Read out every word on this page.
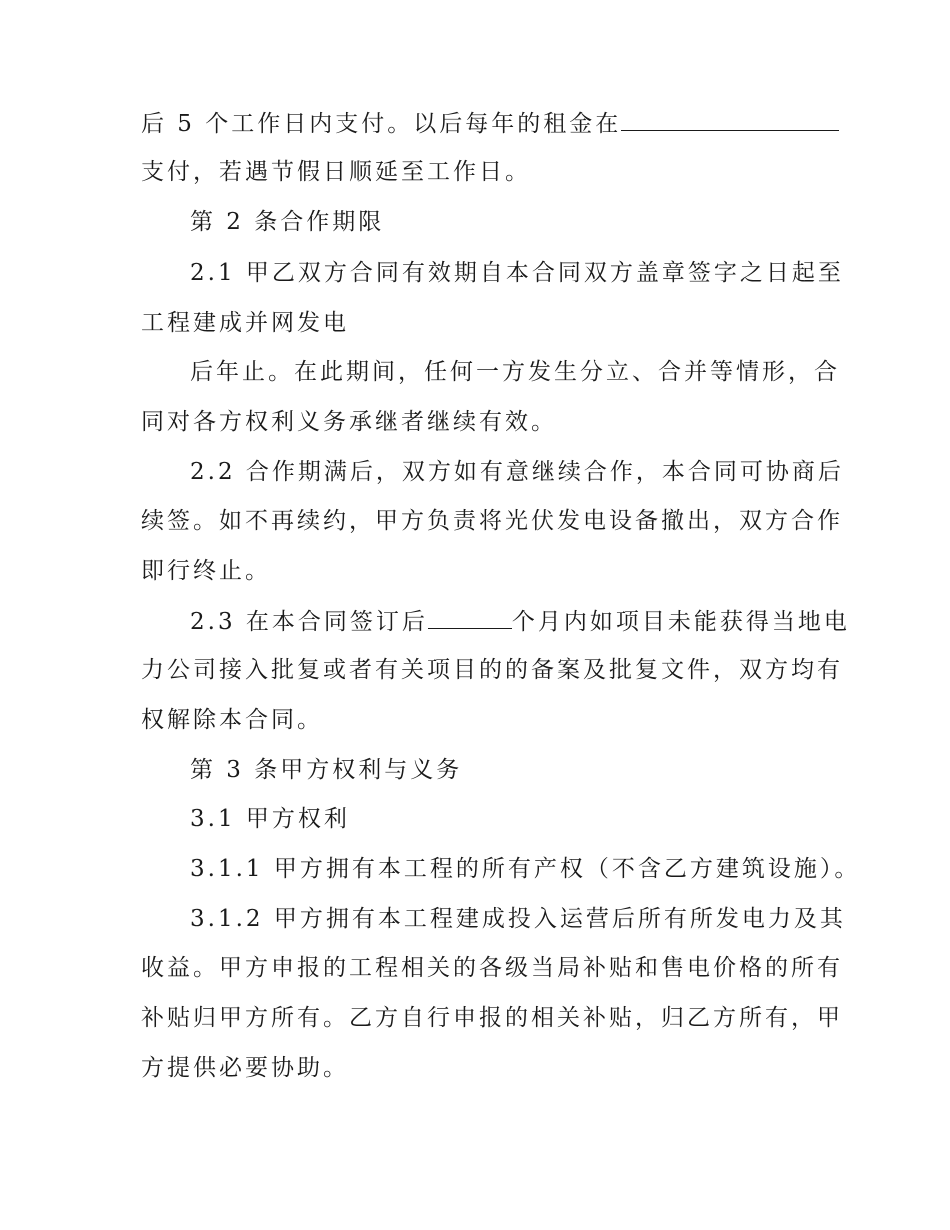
后 5 个工作日内支付。以后每年的租金在
支付，若遇节假日顺延至工作日。
第 2 条合作期限
2.1 甲乙双方合同有效期自本合同双方盖章签字之日起至
工程建成并网发电
后年止。在此期间，任何一方发生分立、合并等情形，合
同对各方权利义务承继者继续有效。
2.2 合作期满后，双方如有意继续合作，本合同可协商后
续签。如不再续约，甲方负责将光伏发电设备撤出，双方合作
即行终止。
2.3 在本合同签订后	个月内如项目未能获得当地电
力公司接入批复或者有关项目的的备案及批复文件，双方均有
权解除本合同。
第 3 条甲方权利与义务
3.1 甲方权利
3.1.1 甲方拥有本工程的所有产权（不含乙方建筑设施）。
3.1.2 甲方拥有本工程建成投入运营后所有所发电力及其
收益。甲方申报的工程相关的各级当局补贴和售电价格的所有
补贴归甲方所有。乙方自行申报的相关补贴，归乙方所有，甲
方提供必要协助。
